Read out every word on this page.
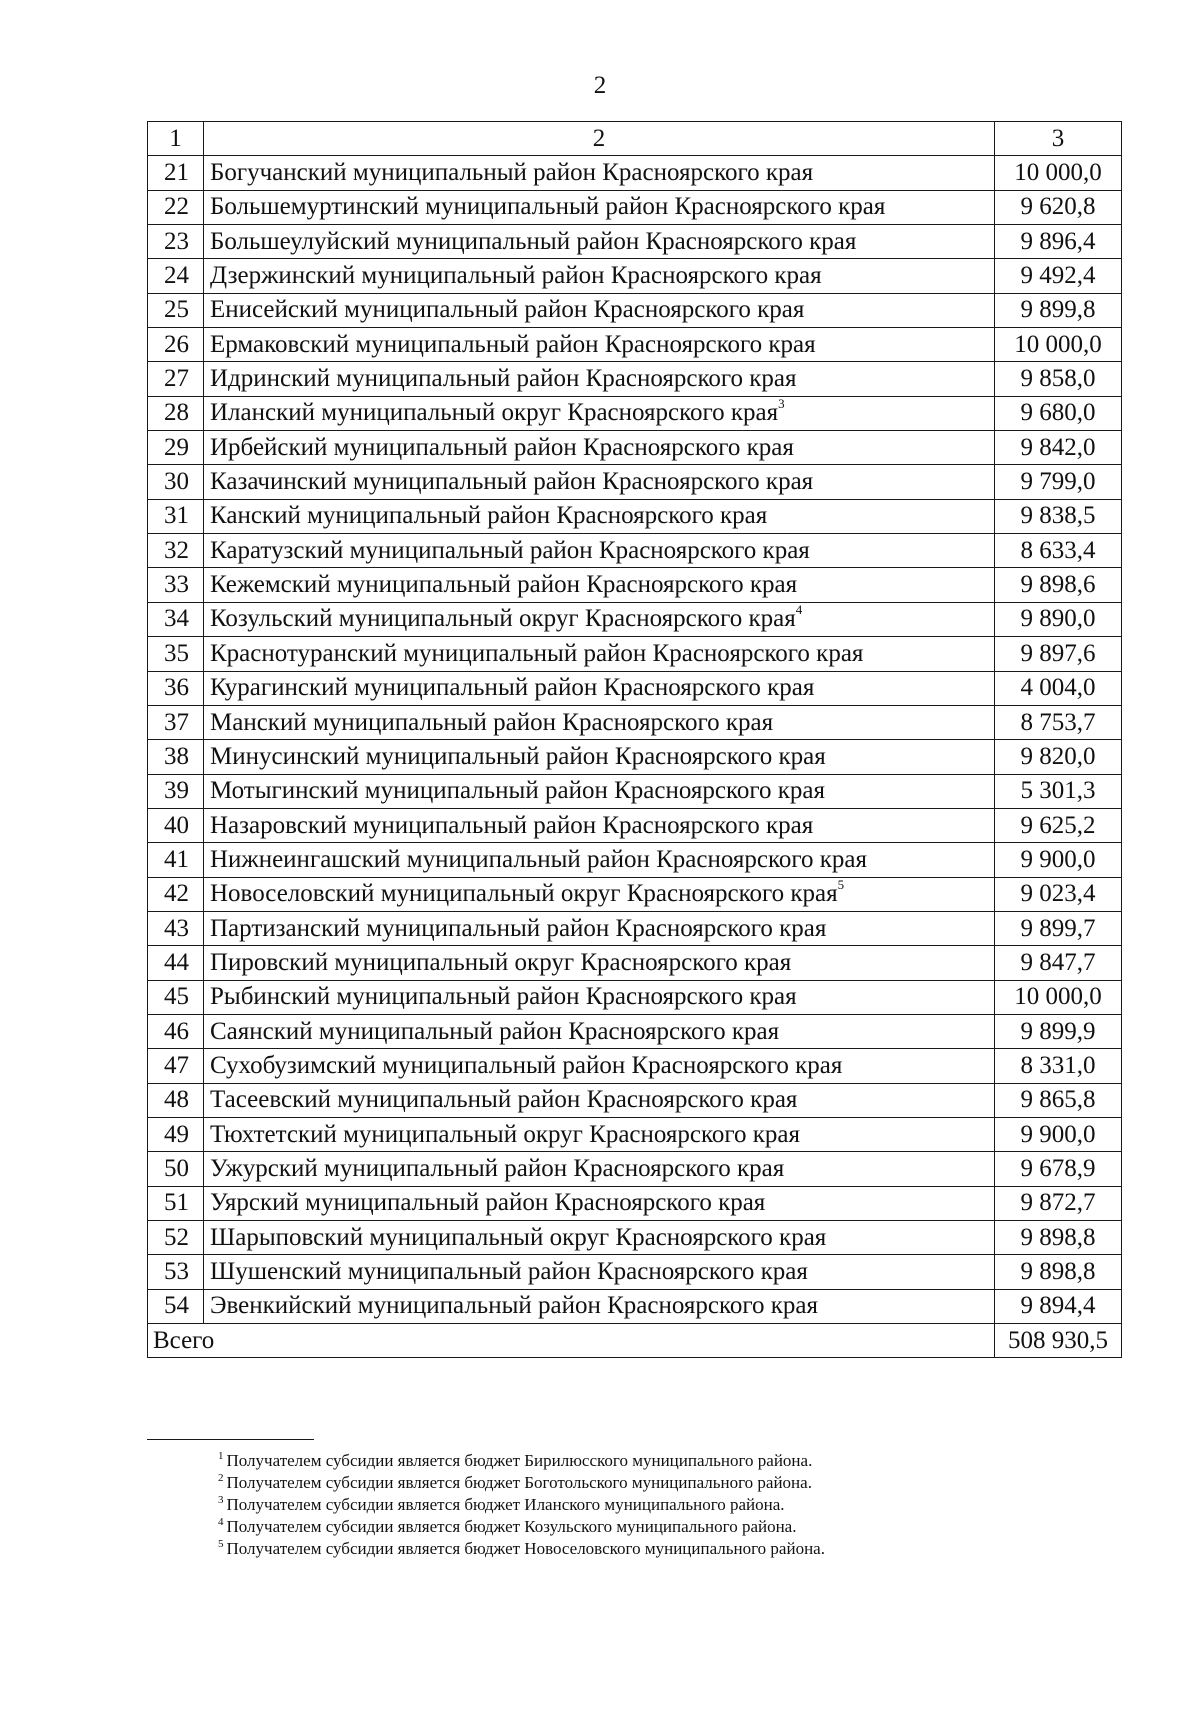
2
1	2	3
21	Богучанский муниципальный район Красноярского края	10 000,0
22	Большемуртинский муниципальный район Красноярского края	9 620,8
23	Большеулуйский муниципальный район Красноярского края	9 896,4
24	Дзержинский муниципальный район Красноярского края	9 492,4
25	Енисейский муниципальный район Красноярского края	9 899,8
26	Ермаковский муниципальный район Красноярского края	10 000,0
27	Идринский муниципальный район Красноярского края	9 858,0
28	Иланский муниципальный округ Красноярского края$^3$	9 680,0
29	Ирбейский муниципальный район Красноярского края	9 842,0
30	Казачинский муниципальный район Красноярского края	9 799,0
31	Канский муниципальный район Красноярского края	9 838,5
32	Каратузский муниципальный район Красноярского края	8 633,4
33	Кежемский муниципальный район Красноярского края	9 898,6
34	Козульский муниципальный округ Красноярского края$^4$	9 890,0
35	Краснотуранский муниципальный район Красноярского края	9 897,6
36	Курагинский муниципальный район Красноярского края	4 004,0
37	Манский муниципальный район Красноярского края	8 753,7
38	Минусинский муниципальный район Красноярского края	9 820,0
39	Мотыгинский муниципальный район Красноярского края	5 301,3
40	Назаровский муниципальный район Красноярского края	9 625,2
41	Нижнеингашский муниципальный район Красноярского края	9 900,0
42	Новоселовский муниципальный округ Красноярского края$^5$	9 023,4
43	Партизанский муниципальный район Красноярского края	9 899,7
44	Пировский муниципальный округ Красноярского края	9 847,7
45	Рыбинский муниципальный район Красноярского края	10 000,0
46	Саянский муниципальный район Красноярского края	9 899,9
47	Сухобузимский муниципальный район Красноярского края	8 331,0
48	Тасеевский муниципальный район Красноярского края	9 865,8
49	Тюхтетский муниципальный округ Красноярского края	9 900,0
50	Ужурский муниципальный район Красноярского края	9 678,9
51	Уярский муниципальный район Красноярского края	9 872,7
52	Шарыповский муниципальный округ Красноярского края	9 898,8
53	Шушенский муниципальный район Красноярского края	9 898,8
54	Эвенкийский муниципальный район Красноярского края	9 894,4
Всего		508 930,5
$^1$ Получателем субсидии является бюджет Бирилюсского муниципального района.
$^2$ Получателем субсидии является бюджет Боготольского муниципального района.
$^3$ Получателем субсидии является бюджет Иланского муниципального района.
$^4$ Получателем субсидии является бюджет Козульского муниципального района.
$^5$ Получателем субсидии является бюджет Новоселовского муниципального района.
